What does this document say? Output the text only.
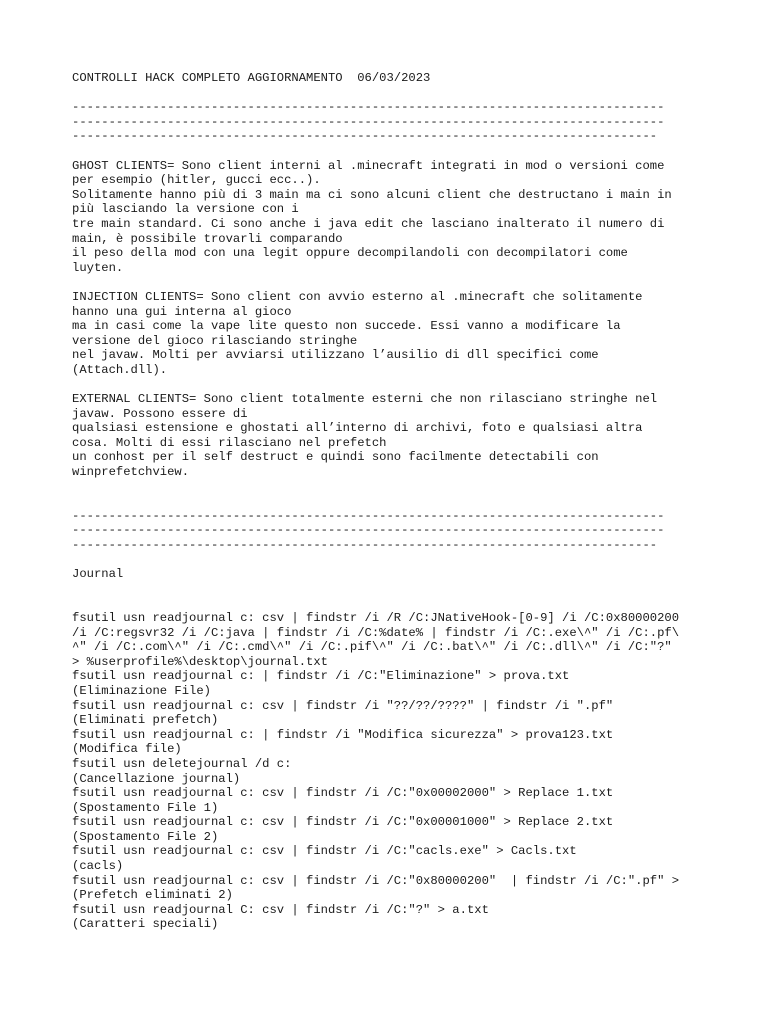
CONTROLLI HACK COMPLETO AGGIORNAMENTO  06/03/2023
---------------------------------------------------------------------------------
---------------------------------------------------------------------------------
--------------------------------------------------------------------------------
GHOST CLIENTS= Sono client interni al .minecraft integrati in mod o versioni come
per esempio (hitler, gucci ecc..).
Solitamente hanno più di 3 main ma ci sono alcuni client che destructano i main in
più lasciando la versione con i
tre main standard. Ci sono anche i java edit che lasciano inalterato il numero di
main, è possibile trovarli comparando
il peso della mod con una legit oppure decompilandoli con decompilatori come
luyten.
INJECTION CLIENTS= Sono client con avvio esterno al .minecraft che solitamente
hanno una gui interna al gioco
ma in casi come la vape lite questo non succede. Essi vanno a modificare la
versione del gioco rilasciando stringhe
nel javaw. Molti per avviarsi utilizzano l’ausilio di dll specifici come
(Attach.dll).
EXTERNAL CLIENTS= Sono client totalmente esterni che non rilasciano stringhe nel
javaw. Possono essere di
qualsiasi estensione e ghostati all’interno di archivi, foto e qualsiasi altra
cosa. Molti di essi rilasciano nel prefetch
un conhost per il self destruct e quindi sono facilmente detectabili con
winprefetchview.
---------------------------------------------------------------------------------
---------------------------------------------------------------------------------
--------------------------------------------------------------------------------
Journal
fsutil usn readjournal c: csv | findstr /i /R /C:JNativeHook-[0-9] /i /C:0x80000200
/i /C:regsvr32 /i /C:java | findstr /i /C:%date% | findstr /i /C:.exe\^" /i /C:.pf\
^" /i /C:.com\^" /i /C:.cmd\^" /i /C:.pif\^" /i /C:.bat\^" /i /C:.dll\^" /i /C:"?"
> %userprofile%\desktop\journal.txt
fsutil usn readjournal c: | findstr /i /C:"Eliminazione" > prova.txt
(Eliminazione File)
fsutil usn readjournal c: csv | findstr /i "??/??/????" | findstr /i ".pf"
(Eliminati prefetch)
fsutil usn readjournal c: | findstr /i "Modifica sicurezza" > prova123.txt
(Modifica file)
fsutil usn deletejournal /d c:
(Cancellazione journal)
fsutil usn readjournal c: csv | findstr /i /C:"0x00002000" > Replace 1.txt
(Spostamento File 1)
fsutil usn readjournal c: csv | findstr /i /C:"0x00001000" > Replace 2.txt
(Spostamento File 2)
fsutil usn readjournal c: csv | findstr /i /C:"cacls.exe" > Cacls.txt
(cacls)
fsutil usn readjournal c: csv | findstr /i /C:"0x80000200"  | findstr /i /C:".pf" >
(Prefetch eliminati 2)
fsutil usn readjournal C: csv | findstr /i /C:"?" > a.txt
(Caratteri speciali)
